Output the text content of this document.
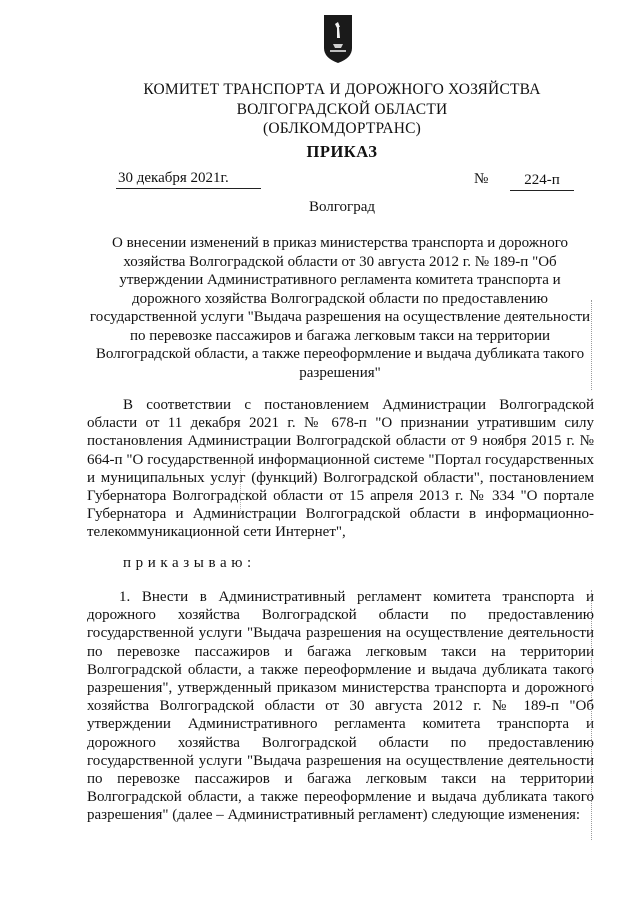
КОМИТЕТ ТРАНСПОРТА И ДОРОЖНОГО ХОЗЯЙСТВА
ВОЛГОГРАДСКОЙ ОБЛАСТИ
(ОБЛКОМДОРТРАНС)
ПРИКАЗ
30 декабря 2021г.	№	224-п
Волгоград
О внесении изменений в приказ министерства транспорта и дорожного хозяйства Волгоградской области от 30 августа 2012 г. № 189-п "Об утверждении Административного регламента комитета транспорта и дорожного хозяйства Волгоградской области по предоставлению государственной услуги "Выдача разрешения на осуществление деятельности по перевозке пассажиров и багажа легковым такси на территории Волгоградской области, а также переоформление и выдача дубликата такого разрешения"
В соответствии с постановлением Администрации Волгоградской области от 11 декабря 2021 г. № 678-п "О признании утратившим силу постановления Администрации Волгоградской области от 9 ноября 2015 г. № 664-п "О государственной информационной системе "Портал государственных и муниципальных услуг (функций) Волгоградской области", постановлением Губернатора Волгоградской области от 15 апреля 2013 г. № 334 "О портале Губернатора и Администрации Волгоградской области в информационно-телекоммуникационной сети Интернет",
приказываю:
1. Внести в Административный регламент комитета транспорта и дорожного хозяйства Волгоградской области по предоставлению государственной услуги "Выдача разрешения на осуществление деятельности по перевозке пассажиров и багажа легковым такси на территории Волгоградской области, а также переоформление и выдача дубликата такого разрешения", утвержденный приказом министерства транспорта и дорожного хозяйства Волгоградской области от 30 августа 2012 г. № 189-п "Об утверждении Административного регламента комитета транспорта и дорожного хозяйства Волгоградской области по предоставлению государственной услуги "Выдача разрешения на осуществление деятельности по перевозке пассажиров и багажа легковым такси на территории Волгоградской области, а также переоформление и выдача дубликата такого разрешения" (далее – Административный регламент) следующие изменения:
